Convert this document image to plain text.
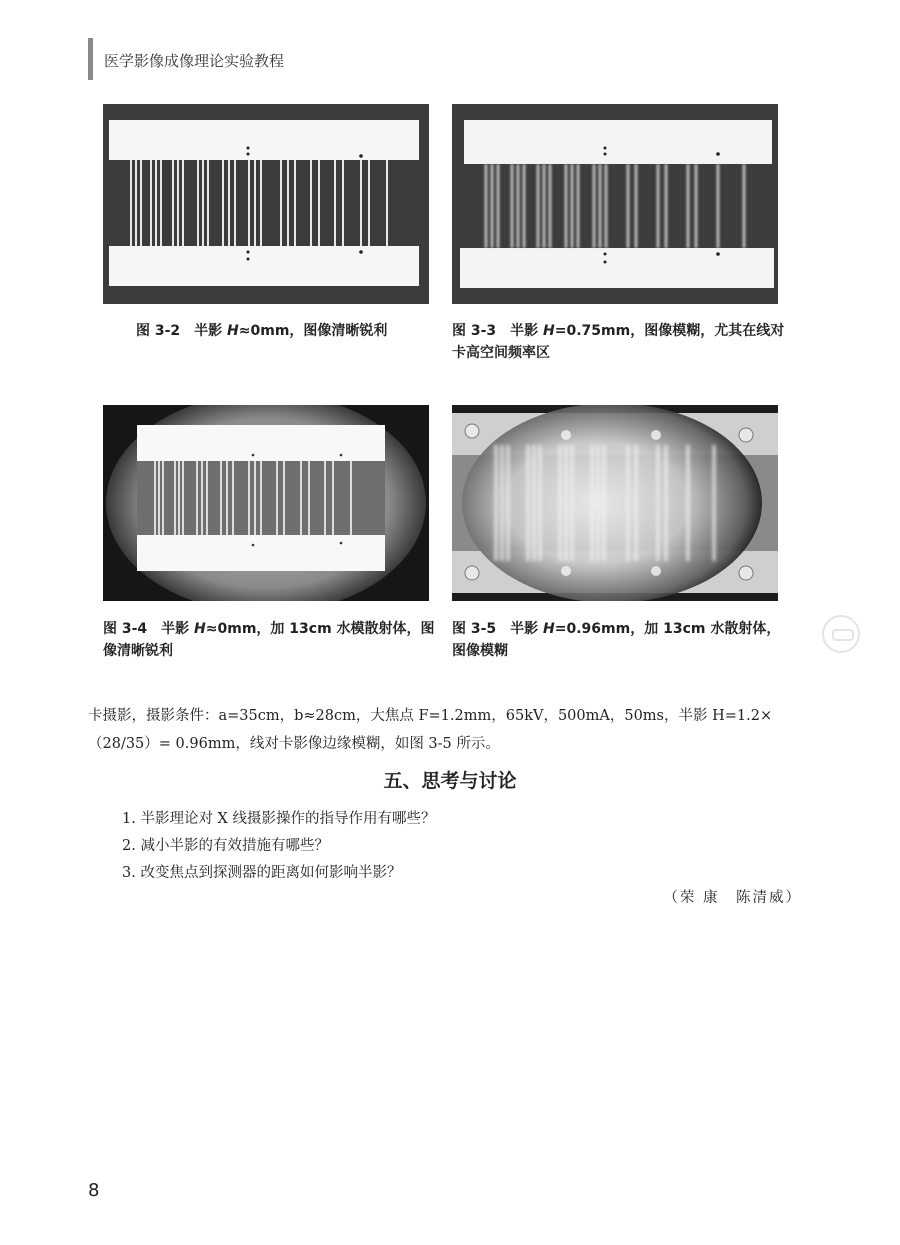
医学影像成像理论实验教程
图 3-2 半影 H≈0mm，图像清晰锐利	图 3-3 半影 H=0.75mm，图像模糊，尤其在线对卡高空间频率区
图 3-4 半影 H≈0mm，加 13cm 水模散射体，图像清晰锐利
图 3-5 半影 H=0.96mm，加 13cm 水散射体，图像模糊

卡摄影，摄影条件：a=35cm，b≈28cm，大焦点 F=1.2mm，65kV，500mA，50ms，半影 H=1.2×（28/35）= 0.96mm，线对卡影像边缘模糊，如图 3-5 所示。

五、思考与讨论
1. 半影理论对 X 线摄影操作的指导作用有哪些？
2. 减小半影的有效措施有哪些？
3. 改变焦点到探测器的距离如何影响半影？
（荣 康　陈清威）
8
